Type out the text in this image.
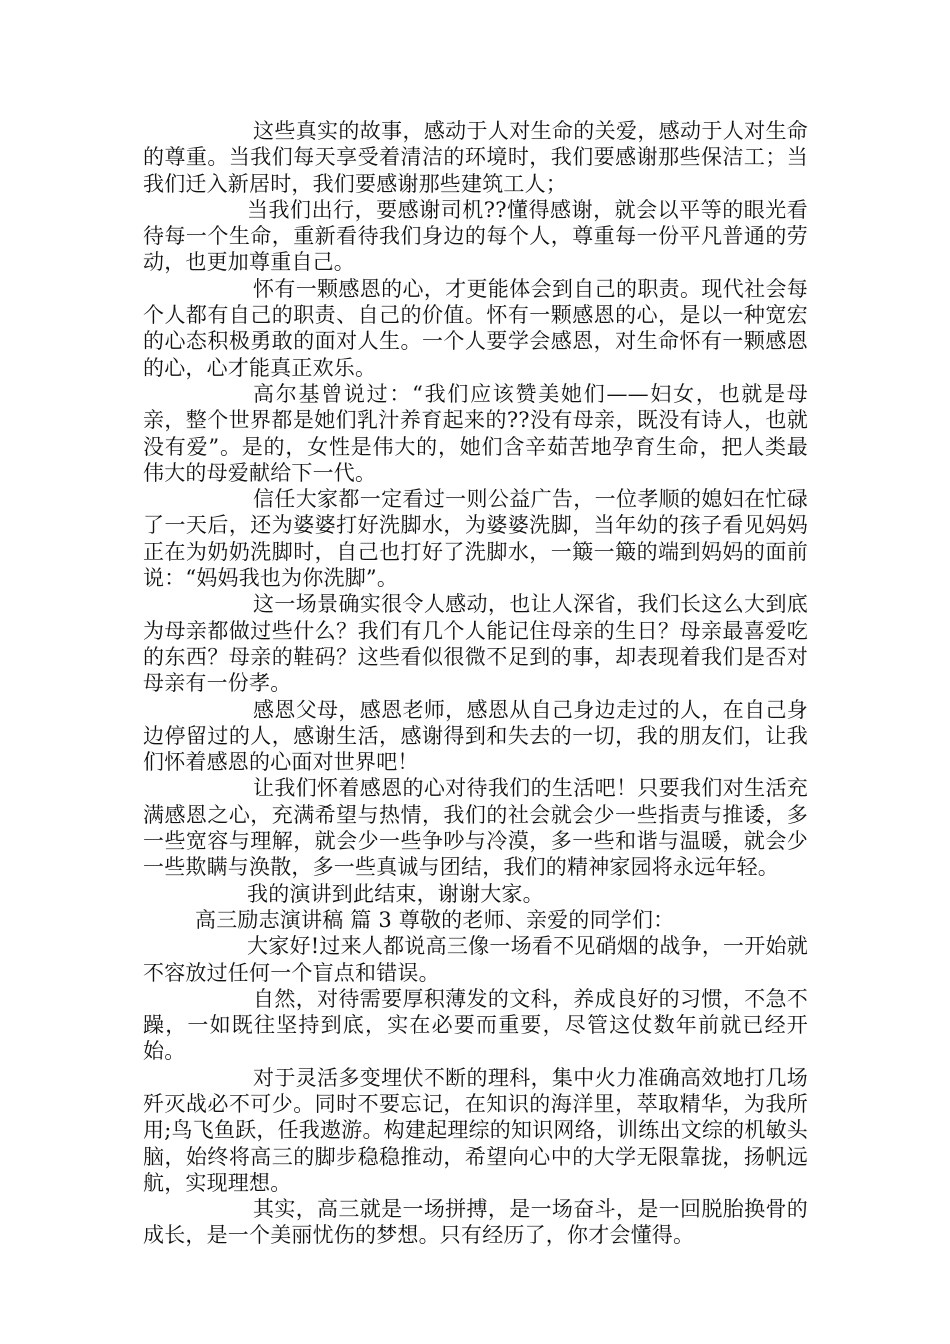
这些真实的故事，感动于人对生命的关爱，感动于人对生命的尊重。当我们每天享受着清洁的环境时，我们要感谢那些保洁工；当我们迁入新居时，我们要感谢那些建筑工人；

当我们出行，要感谢司机??懂得感谢，就会以平等的眼光看待每一个生命，重新看待我们身边的每个人，尊重每一份平凡普通的劳动，也更加尊重自己。

怀有一颗感恩的心，才更能体会到自己的职责。现代社会每个人都有自己的职责、自己的价值。怀有一颗感恩的心，是以一种宽宏的心态积极勇敢的面对人生。一个人要学会感恩，对生命怀有一颗感恩的心，心才能真正欢乐。

高尔基曾说过：“我们应该赞美她们——妇女，也就是母亲，整个世界都是她们乳汁养育起来的??没有母亲，既没有诗人，也就没有爱”。是的，女性是伟大的，她们含辛茹苦地孕育生命，把人类最伟大的母爱献给下一代。

信任大家都一定看过一则公益广告，一位孝顺的媳妇在忙碌了一天后，还为婆婆打好洗脚水，为婆婆洗脚，当年幼的孩子看见妈妈正在为奶奶洗脚时，自己也打好了洗脚水，一簸一簸的端到妈妈的面前说：“妈妈我也为你洗脚”。

这一场景确实很令人感动，也让人深省，我们长这么大到底为母亲都做过些什么？我们有几个人能记住母亲的生日？母亲最喜爱吃的东西？母亲的鞋码？这些看似很微不足到的事，却表现着我们是否对母亲有一份孝。

感恩父母，感恩老师，感恩从自己身边走过的人，在自己身边停留过的人，感谢生活，感谢得到和失去的一切，我的朋友们，让我们怀着感恩的心面对世界吧！

让我们怀着感恩的心对待我们的生活吧！只要我们对生活充满感恩之心，充满希望与热情，我们的社会就会少一些指责与推诿，多一些宽容与理解，就会少一些争吵与冷漠，多一些和谐与温暖，就会少一些欺瞒与涣散，多一些真诚与团结，我们的精神家园将永远年轻。

我的演讲到此结束，谢谢大家。

高三励志演讲稿 篇 3 尊敬的老师、亲爱的同学们：

大家好!过来人都说高三像一场看不见硝烟的战争，一开始就不容放过任何一个盲点和错误。

自然，对待需要厚积薄发的文科，养成良好的习惯，不急不躁，一如既往坚持到底，实在必要而重要，尽管这仗数年前就已经开始。

对于灵活多变埋伏不断的理科，集中火力准确高效地打几场歼灭战必不可少。同时不要忘记，在知识的海洋里，萃取精华，为我所用;鸟飞鱼跃，任我遨游。构建起理综的知识网络，训练出文综的机敏头脑，始终将高三的脚步稳稳推动，希望向心中的大学无限靠拢，扬帆远航，实现理想。

其实，高三就是一场拼搏，是一场奋斗，是一回脱胎换骨的成长，是一个美丽忧伤的梦想。只有经历了，你才会懂得。
